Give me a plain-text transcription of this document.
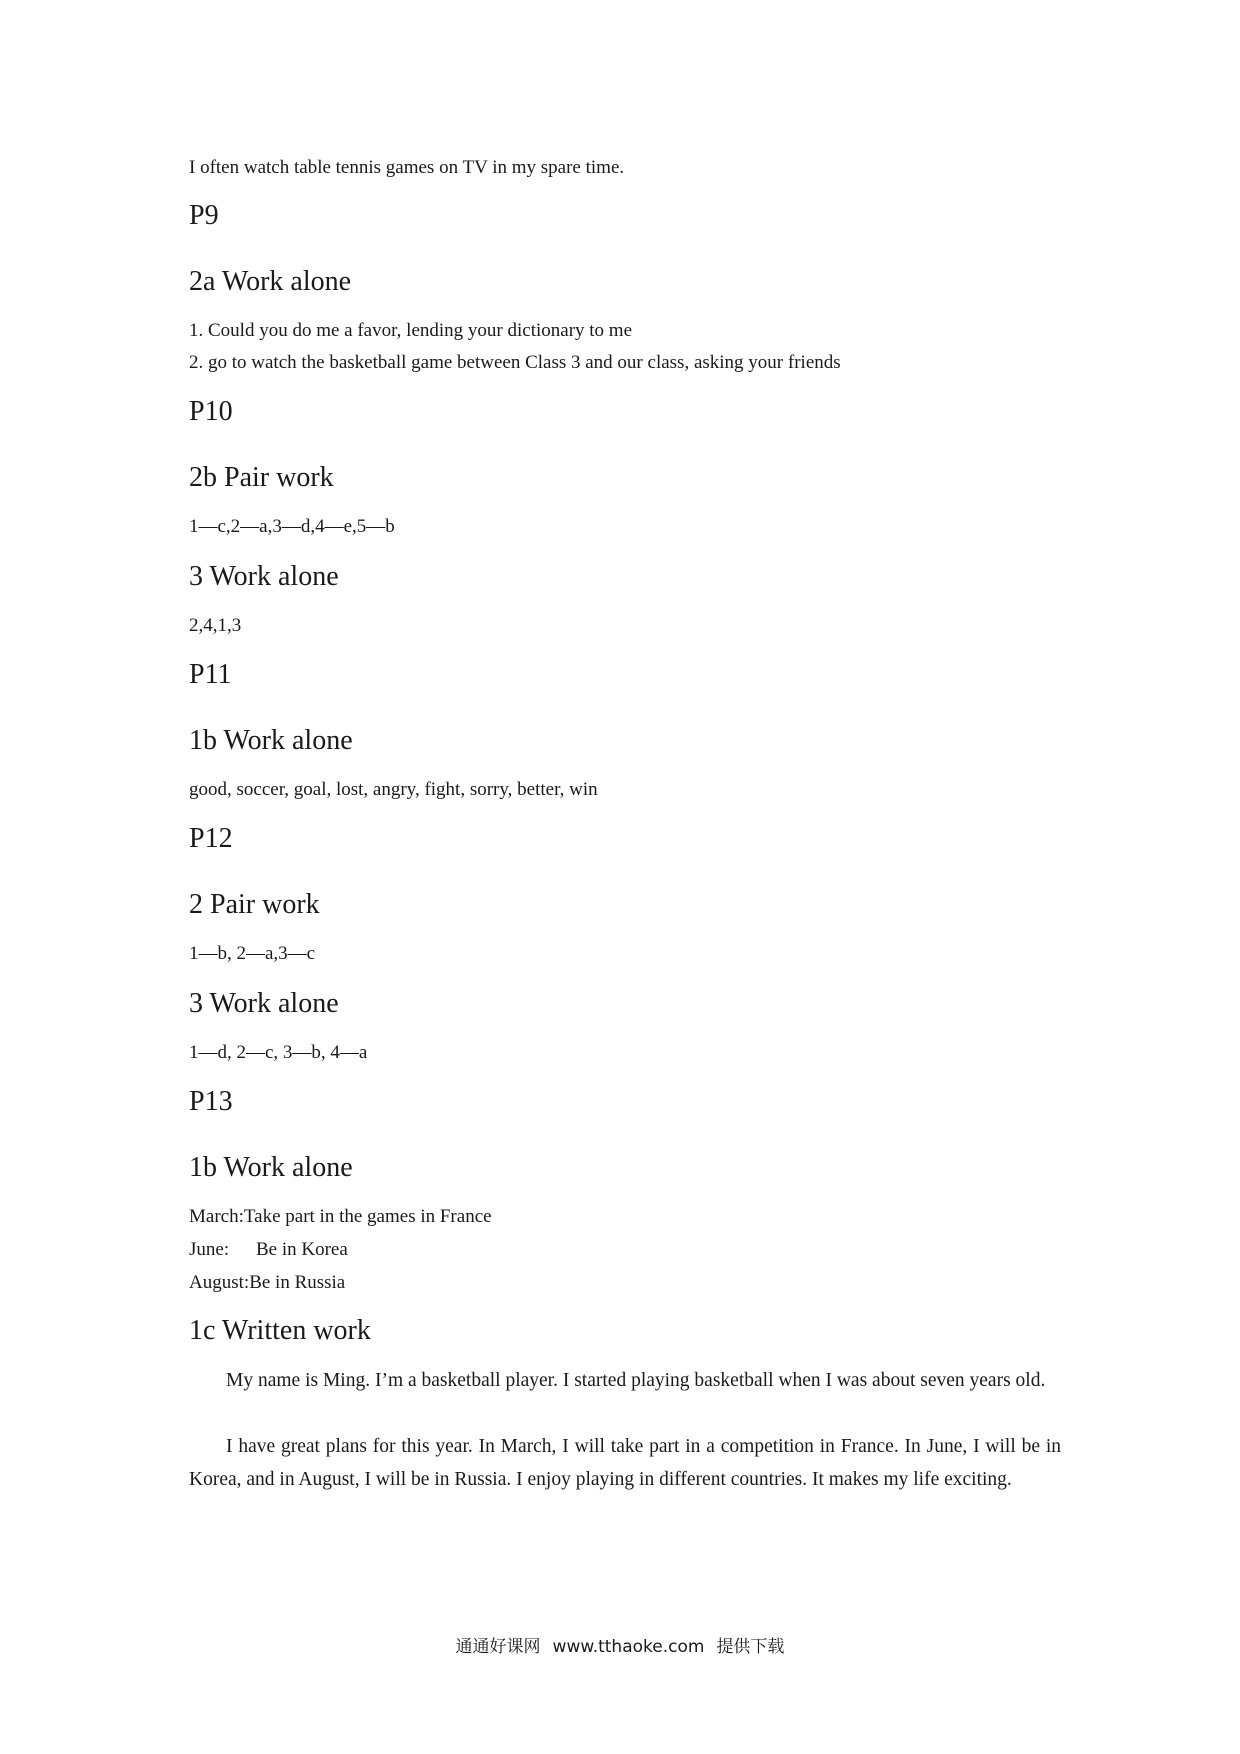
I often watch table tennis games on TV in my spare time.
P9
2a Work alone
1. Could you do me a favor, lending your dictionary to me
2. go to watch the basketball game between Class 3 and our class, asking your friends
P10
2b Pair work
1—c,2—a,3—d,4—e,5—b
3 Work alone
2,4,1,3
P11
1b Work alone
good, soccer, goal, lost, angry, fight, sorry, better, win
P12
2 Pair work
1—b, 2—a,3—c
3 Work alone
1—d, 2—c, 3—b, 4—a
P13
1b Work alone
March:Take part in the games in France
June: Be in Korea
August:Be in Russia
1c Written work

My name is Ming. I’m a basketball player. I started playing basketball when I was about seven years old.

I have great plans for this year. In March, I will take part in a competition in France. In June, I will be in Korea, and in August, I will be in Russia. I enjoy playing in different countries. It makes my life exciting.

通通好课网 www.tthaoke.com 提供下载
